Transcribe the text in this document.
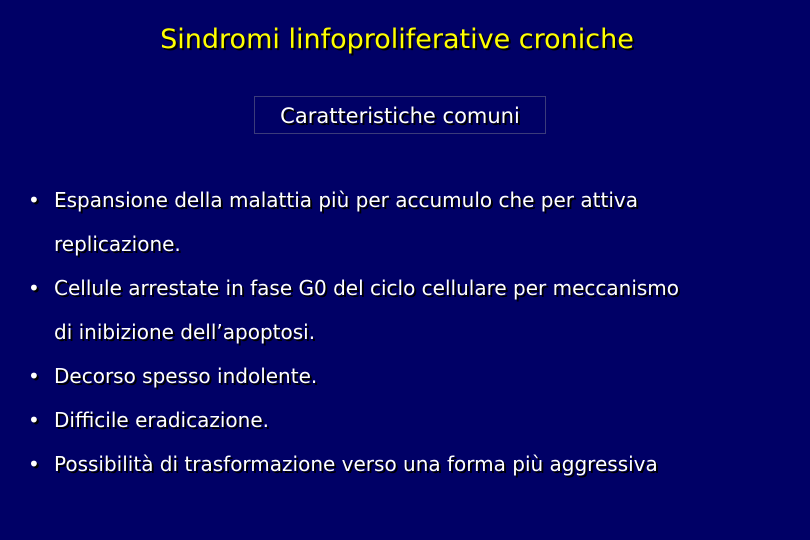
Sindromi linfoproliferative croniche
Caratteristiche comuni
• Espansione della malattia più per accumulo che per attiva
replicazione.
• Cellule arrestate in fase G0 del ciclo cellulare per meccanismo
di inibizione dell’apoptosi.
• Decorso spesso indolente.
• Difficile eradicazione.
• Possibilità di trasformazione verso una forma più aggressiva
